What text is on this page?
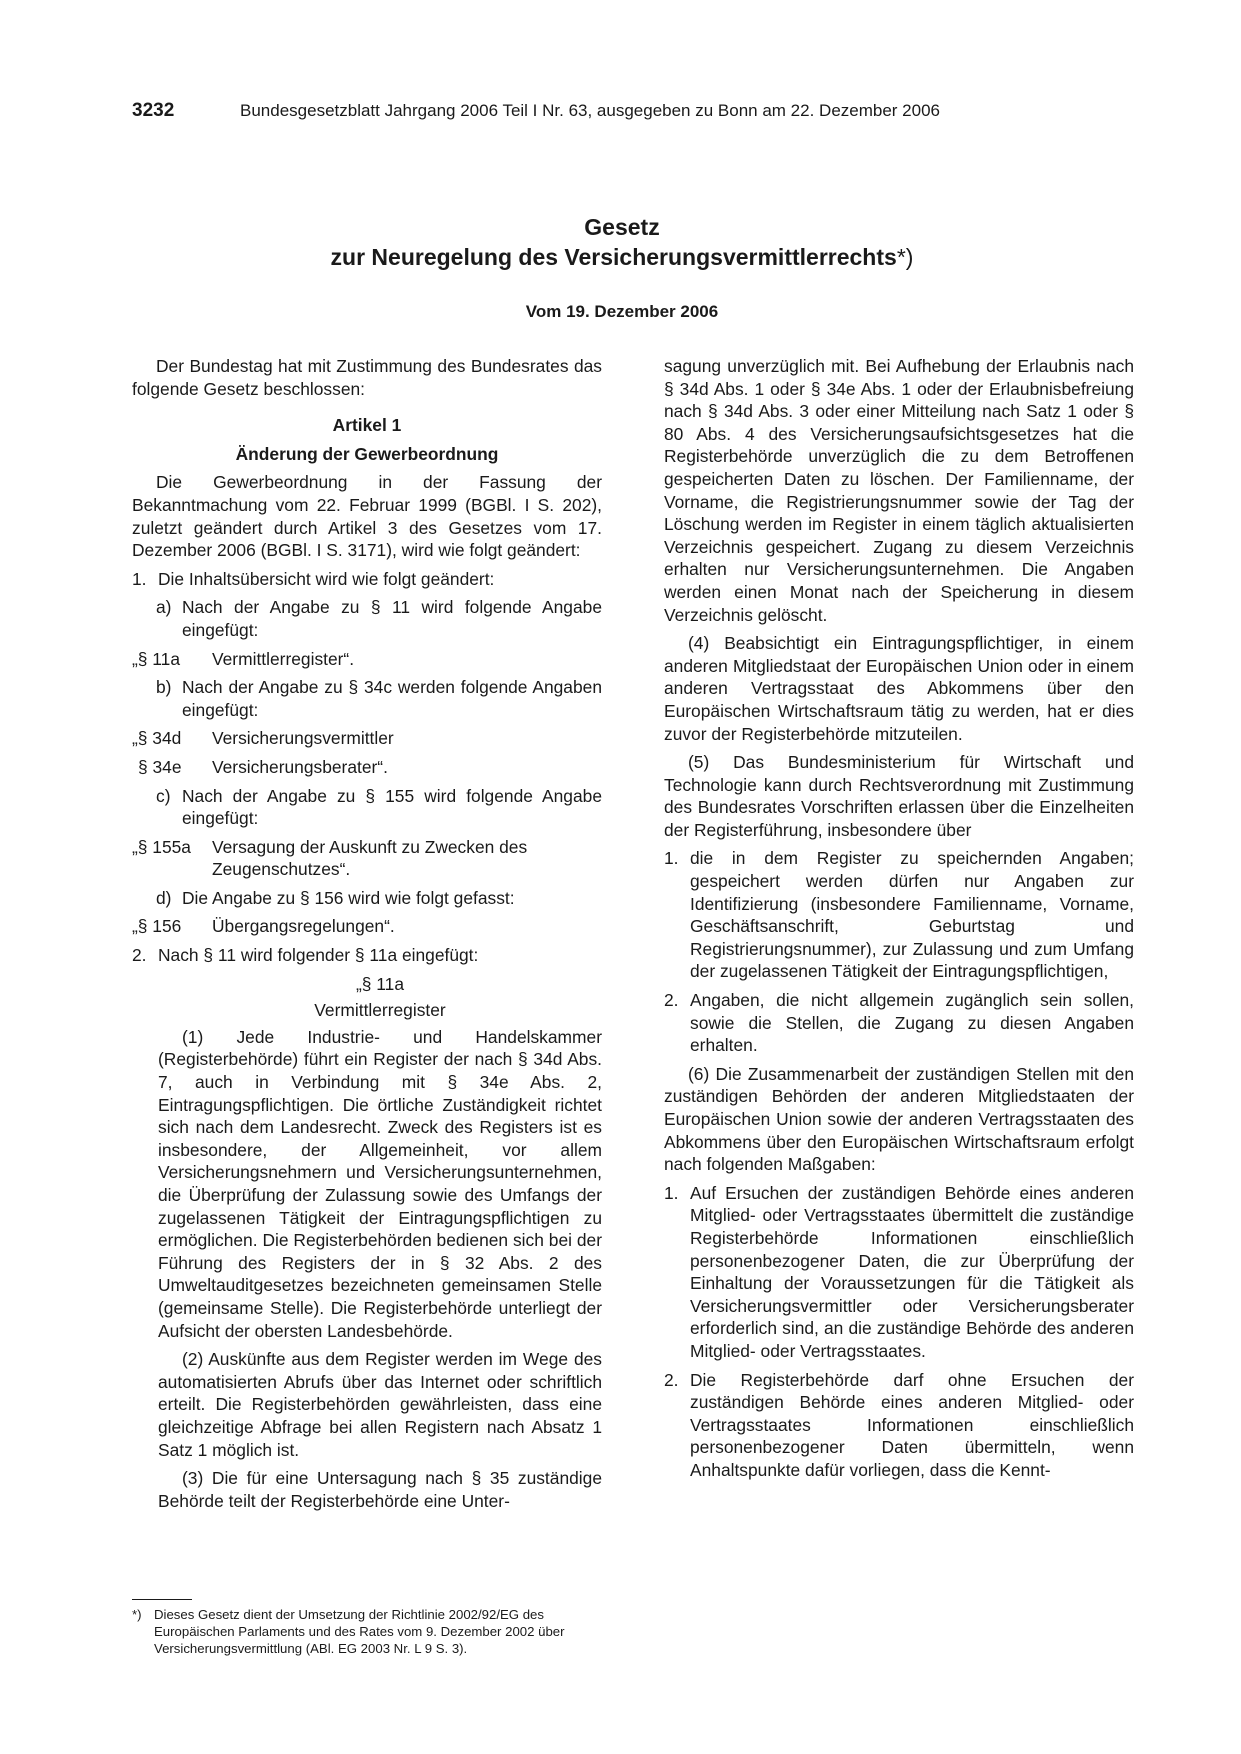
3232	Bundesgesetzblatt Jahrgang 2006 Teil I Nr. 63, ausgegeben zu Bonn am 22. Dezember 2006
Gesetz
zur Neuregelung des Versicherungsvermittlerrechts*)
Vom 19. Dezember 2006

Der Bundestag hat mit Zustimmung des Bundesrates das folgende Gesetz beschlossen:

Artikel 1

Änderung der Gewerbeordnung

Die Gewerbeordnung in der Fassung der Bekanntmachung vom 22. Februar 1999 (BGBl. I S. 202), zuletzt geändert durch Artikel 3 des Gesetzes vom 17. Dezember 2006 (BGBl. I S. 3171), wird wie folgt geändert:

1. Die Inhaltsübersicht wird wie folgt geändert:
a) Nach der Angabe zu § 11 wird folgende Angabe eingefügt:
„§ 11a	Vermittlerregister“.
b) Nach der Angabe zu § 34c werden folgende Angaben eingefügt:
„§ 34d	Versicherungsvermittler
§ 34e	Versicherungsberater“.
c) Nach der Angabe zu § 155 wird folgende Angabe eingefügt:
„§ 155a	Versagung der Auskunft zu Zwecken des Zeugenschutzes“.
d) Die Angabe zu § 156 wird wie folgt gefasst:
„§ 156	Übergangsregelungen“.
2. Nach § 11 wird folgender § 11a eingefügt:

„§ 11a

Vermittlerregister

(1) Jede Industrie- und Handelskammer (Registerbehörde) führt ein Register der nach § 34d Abs. 7, auch in Verbindung mit § 34e Abs. 2, Eintragungspflichtigen. Die örtliche Zuständigkeit richtet sich nach dem Landesrecht. Zweck des Registers ist es insbesondere, der Allgemeinheit, vor allem Versicherungsnehmern und Versicherungsunternehmen, die Überprüfung der Zulassung sowie des Umfangs der zugelassenen Tätigkeit der Eintragungspflichtigen zu ermöglichen. Die Registerbehörden bedienen sich bei der Führung des Registers der in § 32 Abs. 2 des Umweltauditgesetzes bezeichneten gemeinsamen Stelle (gemeinsame Stelle). Die Registerbehörde unterliegt der Aufsicht der obersten Landesbehörde.

(2) Auskünfte aus dem Register werden im Wege des automatisierten Abrufs über das Internet oder schriftlich erteilt. Die Registerbehörden gewährleisten, dass eine gleichzeitige Abfrage bei allen Registern nach Absatz 1 Satz 1 möglich ist.

(3) Die für eine Untersagung nach § 35 zuständige Behörde teilt der Registerbehörde eine Unter-

sagung unverzüglich mit. Bei Aufhebung der Erlaubnis nach § 34d Abs. 1 oder § 34e Abs. 1 oder der Erlaubnisbefreiung nach § 34d Abs. 3 oder einer Mitteilung nach Satz 1 oder § 80 Abs. 4 des Versicherungsaufsichtsgesetzes hat die Registerbehörde unverzüglich die zu dem Betroffenen gespeicherten Daten zu löschen. Der Familienname, der Vorname, die Registrierungsnummer sowie der Tag der Löschung werden im Register in einem täglich aktualisierten Verzeichnis gespeichert. Zugang zu diesem Verzeichnis erhalten nur Versicherungsunternehmen. Die Angaben werden einen Monat nach der Speicherung in diesem Verzeichnis gelöscht.

(4) Beabsichtigt ein Eintragungspflichtiger, in einem anderen Mitgliedstaat der Europäischen Union oder in einem anderen Vertragsstaat des Abkommens über den Europäischen Wirtschaftsraum tätig zu werden, hat er dies zuvor der Registerbehörde mitzuteilen.

(5) Das Bundesministerium für Wirtschaft und Technologie kann durch Rechtsverordnung mit Zustimmung des Bundesrates Vorschriften erlassen über die Einzelheiten der Registerführung, insbesondere über

1. die in dem Register zu speichernden Angaben; gespeichert werden dürfen nur Angaben zur Identifizierung (insbesondere Familienname, Vorname, Geschäftsanschrift, Geburtstag und Registrierungsnummer), zur Zulassung und zum Umfang der zugelassenen Tätigkeit der Eintragungspflichtigen,
2. Angaben, die nicht allgemein zugänglich sein sollen, sowie die Stellen, die Zugang zu diesen Angaben erhalten.

(6) Die Zusammenarbeit der zuständigen Stellen mit den zuständigen Behörden der anderen Mitgliedstaaten der Europäischen Union sowie der anderen Vertragsstaaten des Abkommens über den Europäischen Wirtschaftsraum erfolgt nach folgenden Maßgaben:

1. Auf Ersuchen der zuständigen Behörde eines anderen Mitglied- oder Vertragsstaates übermittelt die zuständige Registerbehörde Informationen einschließlich personenbezogener Daten, die zur Überprüfung der Einhaltung der Voraussetzungen für die Tätigkeit als Versicherungsvermittler oder Versicherungsberater erforderlich sind, an die zuständige Behörde des anderen Mitglied- oder Vertragsstaates.
2. Die Registerbehörde darf ohne Ersuchen der zuständigen Behörde eines anderen Mitglied- oder Vertragsstaates Informationen einschließlich personenbezogener Daten übermitteln, wenn Anhaltspunkte dafür vorliegen, dass die Kennt-
*) Dieses Gesetz dient der Umsetzung der Richtlinie 2002/92/EG des Europäischen Parlaments und des Rates vom 9. Dezember 2002 über Versicherungsvermittlung (ABl. EG 2003 Nr. L 9 S. 3).
